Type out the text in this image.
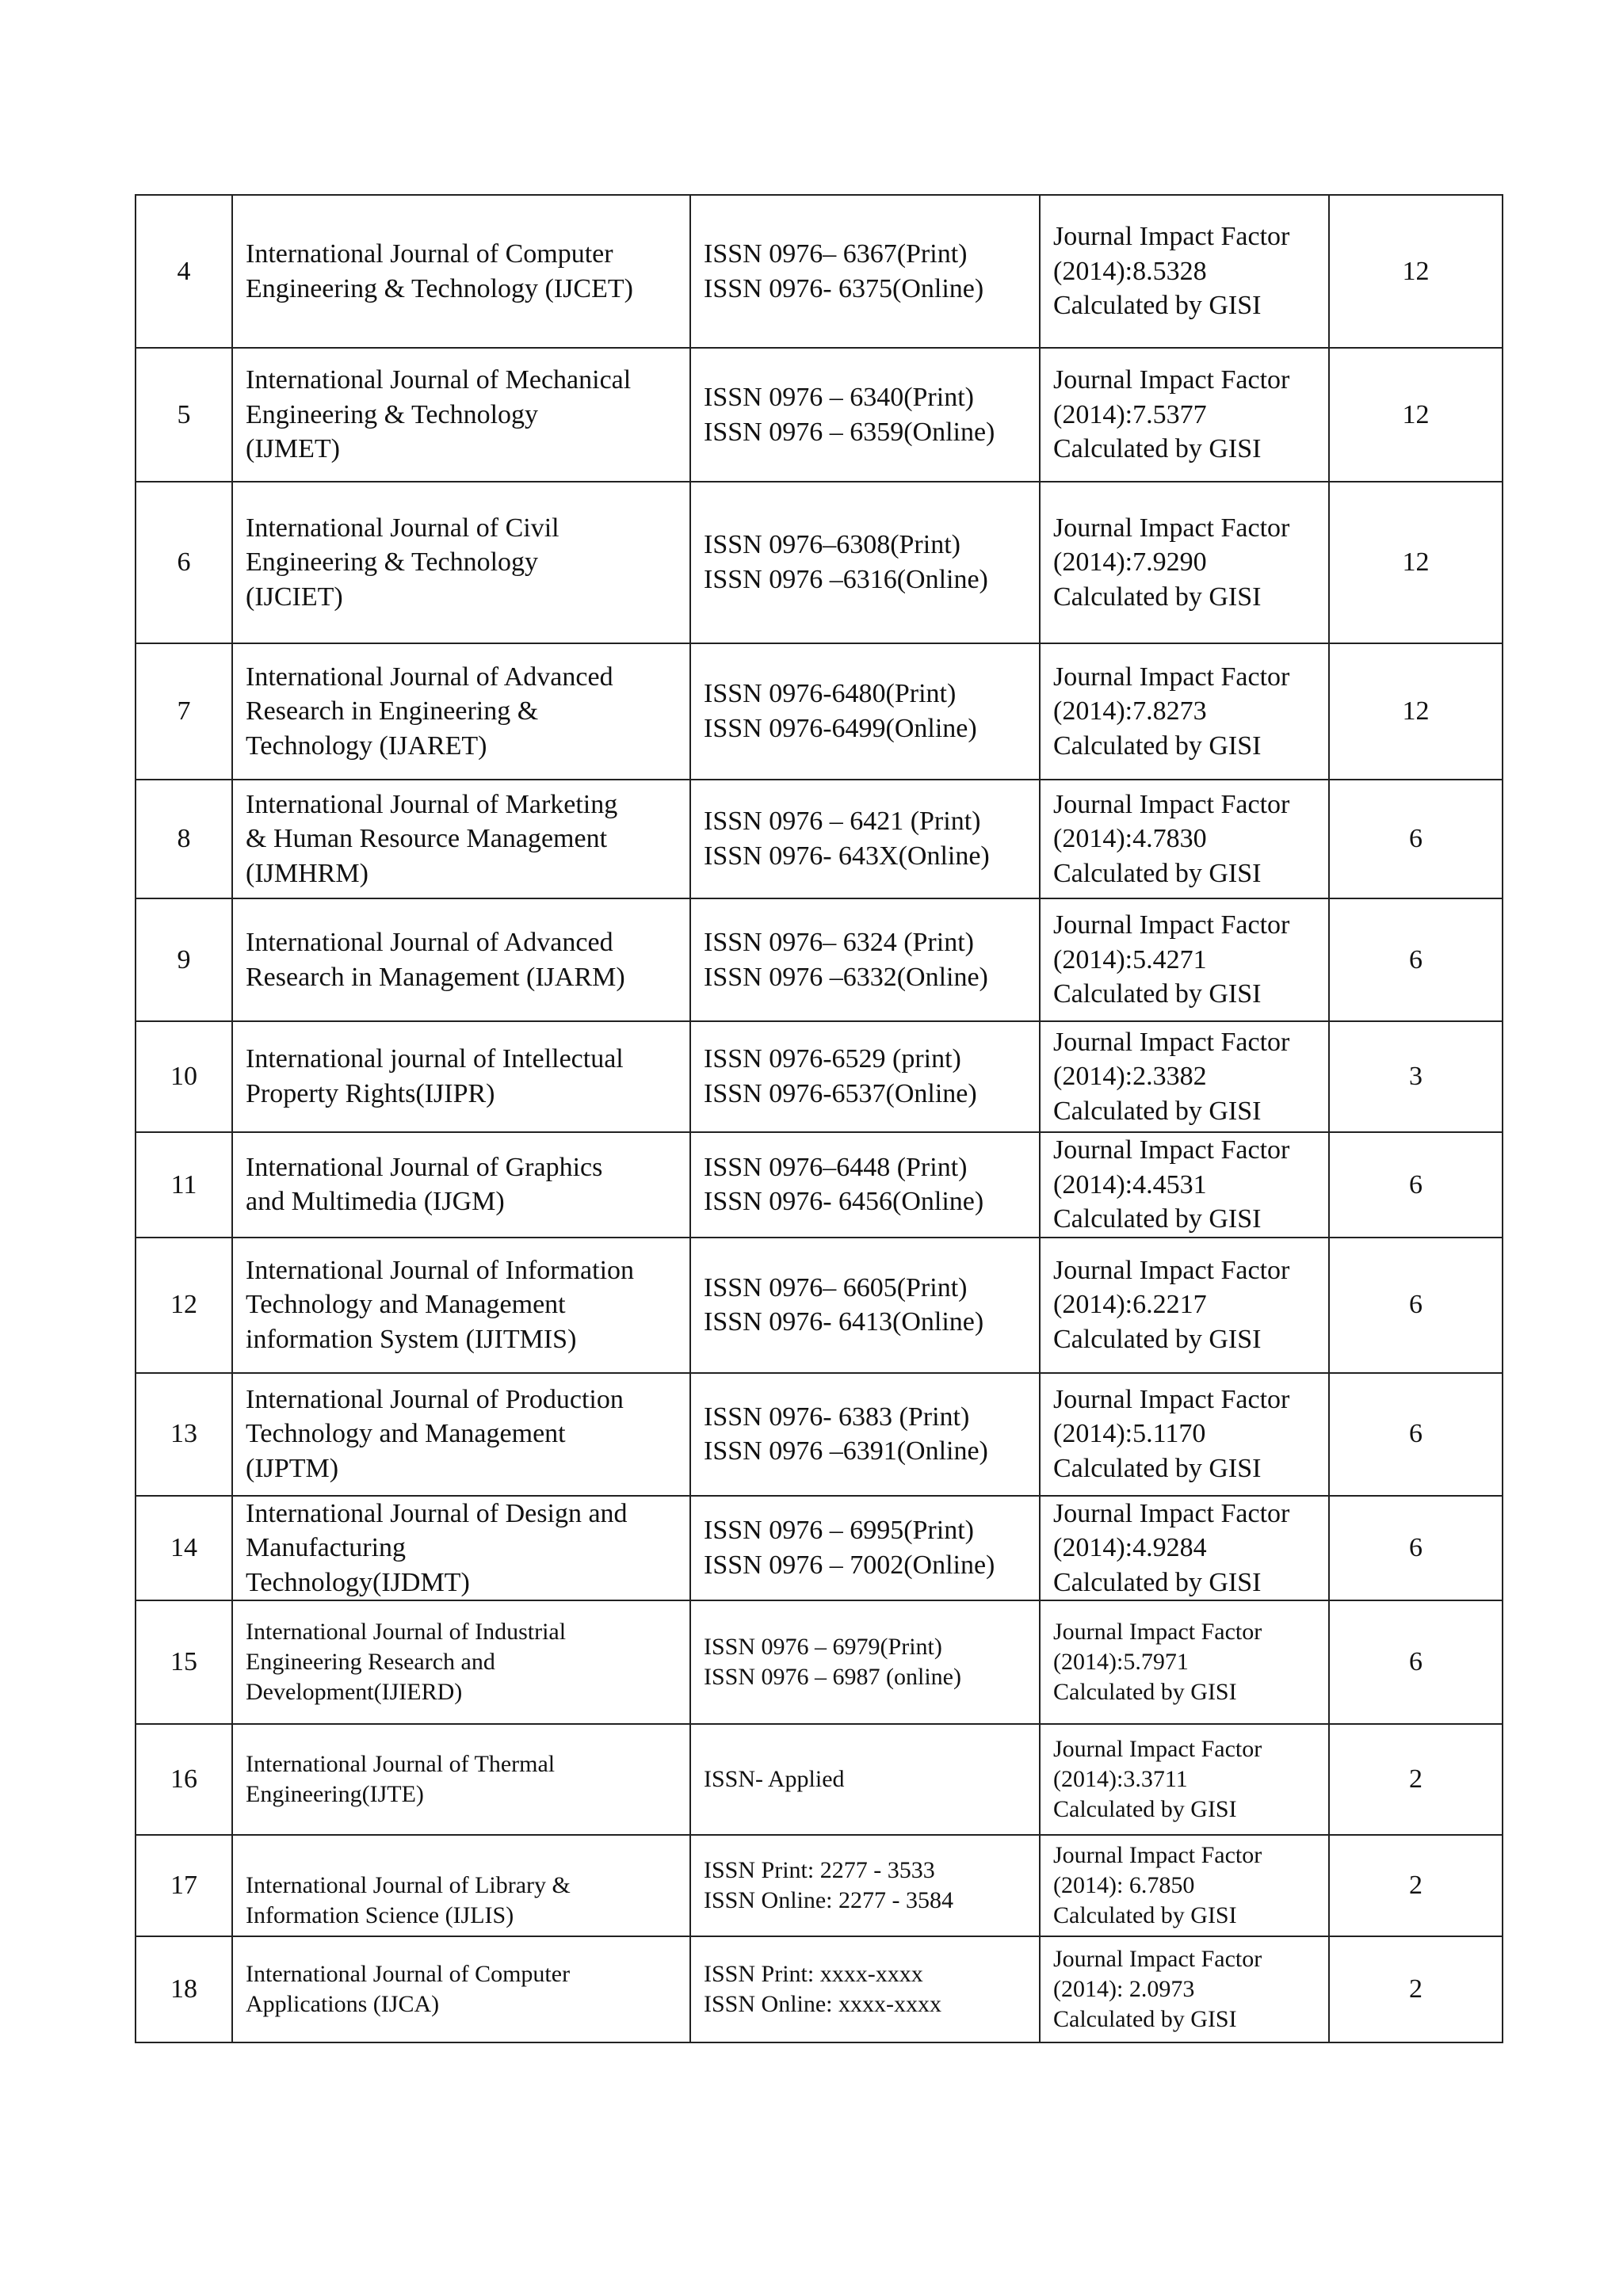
4	International Journal of Computer
Engineering & Technology (IJCET)	ISSN 0976– 6367(Print)
ISSN 0976- 6375(Online)	Journal Impact Factor
(2014):8.5328
Calculated by GISI	12
5	International Journal of Mechanical
Engineering & Technology
(IJMET)	ISSN 0976 – 6340(Print)
ISSN 0976 – 6359(Online)	Journal Impact Factor
(2014):7.5377
Calculated by GISI	12
6	International Journal of Civil
Engineering & Technology
(IJCIET)	ISSN 0976–6308(Print)
ISSN 0976 –6316(Online)	Journal Impact Factor
(2014):7.9290
Calculated by GISI	12
7	International Journal of Advanced
Research in Engineering &
Technology (IJARET)	ISSN 0976-6480(Print)
ISSN 0976-6499(Online)	Journal Impact Factor
(2014):7.8273
Calculated by GISI	12
8	International Journal of Marketing
& Human Resource Management
(IJMHRM)	ISSN 0976 – 6421 (Print)
ISSN 0976- 643X(Online)	Journal Impact Factor
(2014):4.7830
Calculated by GISI	6
9	International Journal of Advanced
Research in Management (IJARM)	ISSN 0976– 6324 (Print)
ISSN 0976 –6332(Online)	Journal Impact Factor
(2014):5.4271
Calculated by GISI	6
10	International journal of Intellectual
Property Rights(IJIPR)	ISSN 0976-6529 (print)
ISSN 0976-6537(Online)	Journal Impact Factor
(2014):2.3382
Calculated by GISI	3
11	International Journal of Graphics
and Multimedia (IJGM)	ISSN 0976–6448 (Print)
ISSN 0976- 6456(Online)	Journal Impact Factor
(2014):4.4531
Calculated by GISI	6
12	International Journal of Information
Technology and Management
information System (IJITMIS)	ISSN 0976– 6605(Print)
ISSN 0976- 6413(Online)	Journal Impact Factor
(2014):6.2217
Calculated by GISI	6
13	International Journal of Production
Technology and Management
(IJPTM)	ISSN 0976- 6383 (Print)
ISSN 0976 –6391(Online)	Journal Impact Factor
(2014):5.1170
Calculated by GISI	6
14	International Journal of Design and
Manufacturing
Technology(IJDMT)	ISSN 0976 – 6995(Print)
ISSN 0976 – 7002(Online)	Journal Impact Factor
(2014):4.9284
Calculated by GISI	6

15	International Journal of Industrial
Engineering Research and
Development(IJIERD)	ISSN 0976 – 6979(Print)
ISSN 0976 – 6987 (online)	Journal Impact Factor
(2014):5.7971
Calculated by GISI	6
16	International Journal of Thermal
Engineering(IJTE)	ISSN- Applied	Journal Impact Factor
(2014):3.3711
Calculated by GISI	2
17	
International Journal of Library &
Information Science (IJLIS)	ISSN Print: 2277 - 3533
ISSN Online: 2277 - 3584	Journal Impact Factor
(2014): 6.7850
Calculated by GISI	2
18	International Journal of Computer
Applications (IJCA)	ISSN Print: xxxx-xxxx
ISSN Online: xxxx-xxxx	Journal Impact Factor
(2014): 2.0973
Calculated by GISI	2
